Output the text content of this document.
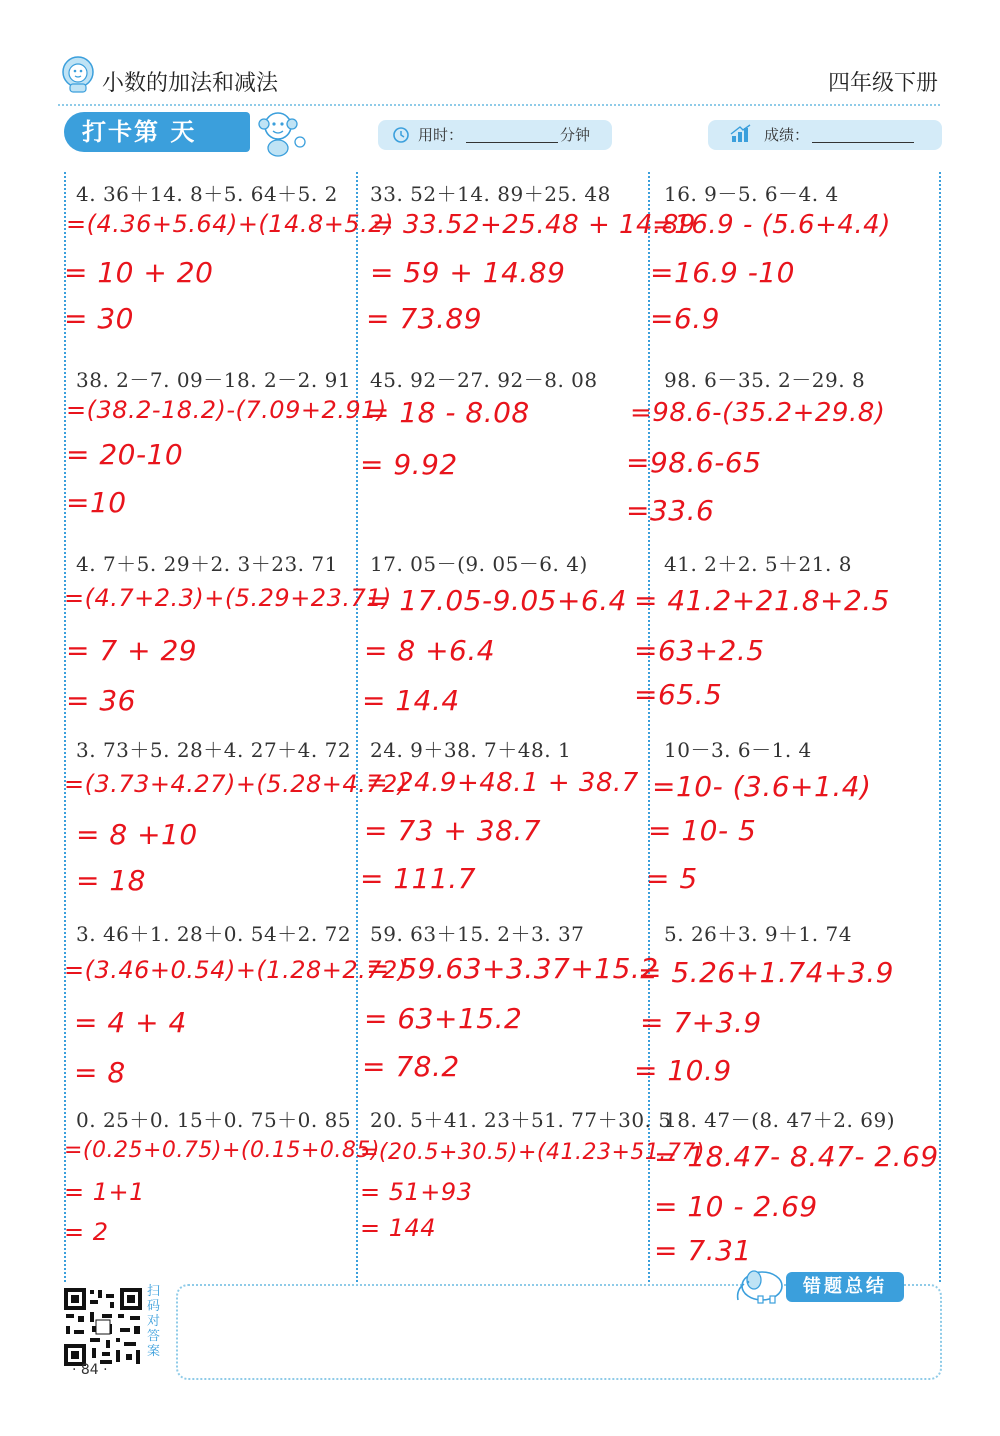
小数的加法和减法	四年级下册
打卡第 天	用时：	分钟	成绩：
4. 36＋14. 8＋5. 64＋5. 2
=(4.36+5.64)+(14.8+5.2)
= 10 + 20
= 30
33. 52＋14. 89＋25. 48
= 33.52+25.48 + 14.89
= 59 + 14.89
= 73.89
16. 9－5. 6－4. 4
=16.9 - (5.6+4.4)
=16.9 -10
=6.9
38. 2－7. 09－18. 2－2. 91
=(38.2-18.2)-(7.09+2.91)
= 20-10
=10
45. 92－27. 92－8. 08
= 18 - 8.08
= 9.92
98. 6－35. 2－29. 8
=98.6-(35.2+29.8)
=98.6-65
=33.6
4. 7＋5. 29＋2. 3＋23. 71
=(4.7+2.3)+(5.29+23.71)
= 7 + 29
= 36
17. 05－(9. 05－6. 4)
= 17.05-9.05+6.4
= 8 +6.4
= 14.4
41. 2＋2. 5＋21. 8
= 41.2+21.8+2.5
=63+2.5
=65.5
3. 73＋5. 28＋4. 27＋4. 72
=(3.73+4.27)+(5.28+4.72)
= 8 +10
= 18
24. 9＋38. 7＋48. 1
= 24.9+48.1 + 38.7
= 73 + 38.7
= 111.7
10－3. 6－1. 4
=10- (3.6+1.4)
= 10- 5
= 5
3. 46＋1. 28＋0. 54＋2. 72
=(3.46+0.54)+(1.28+2.72)
= 4 + 4
= 8
59. 63＋15. 2＋3. 37
= 59.63+3.37+15.2
= 63+15.2
= 78.2
5. 26＋3. 9＋1. 74
= 5.26+1.74+3.9
= 7+3.9
= 10.9
0. 25＋0. 15＋0. 75＋0. 85
=(0.25+0.75)+(0.15+0.85)
= 1+1
= 2
20. 5＋41. 23＋51. 77＋30. 5
=(20.5+30.5)+(41.23+51.77)
= 51+93
= 144
18. 47－(8. 47＋2. 69)
= 18.47- 8.47- 2.69
= 10 - 2.69
= 7.31
扫码对答案
· 84 ·
错题总结
